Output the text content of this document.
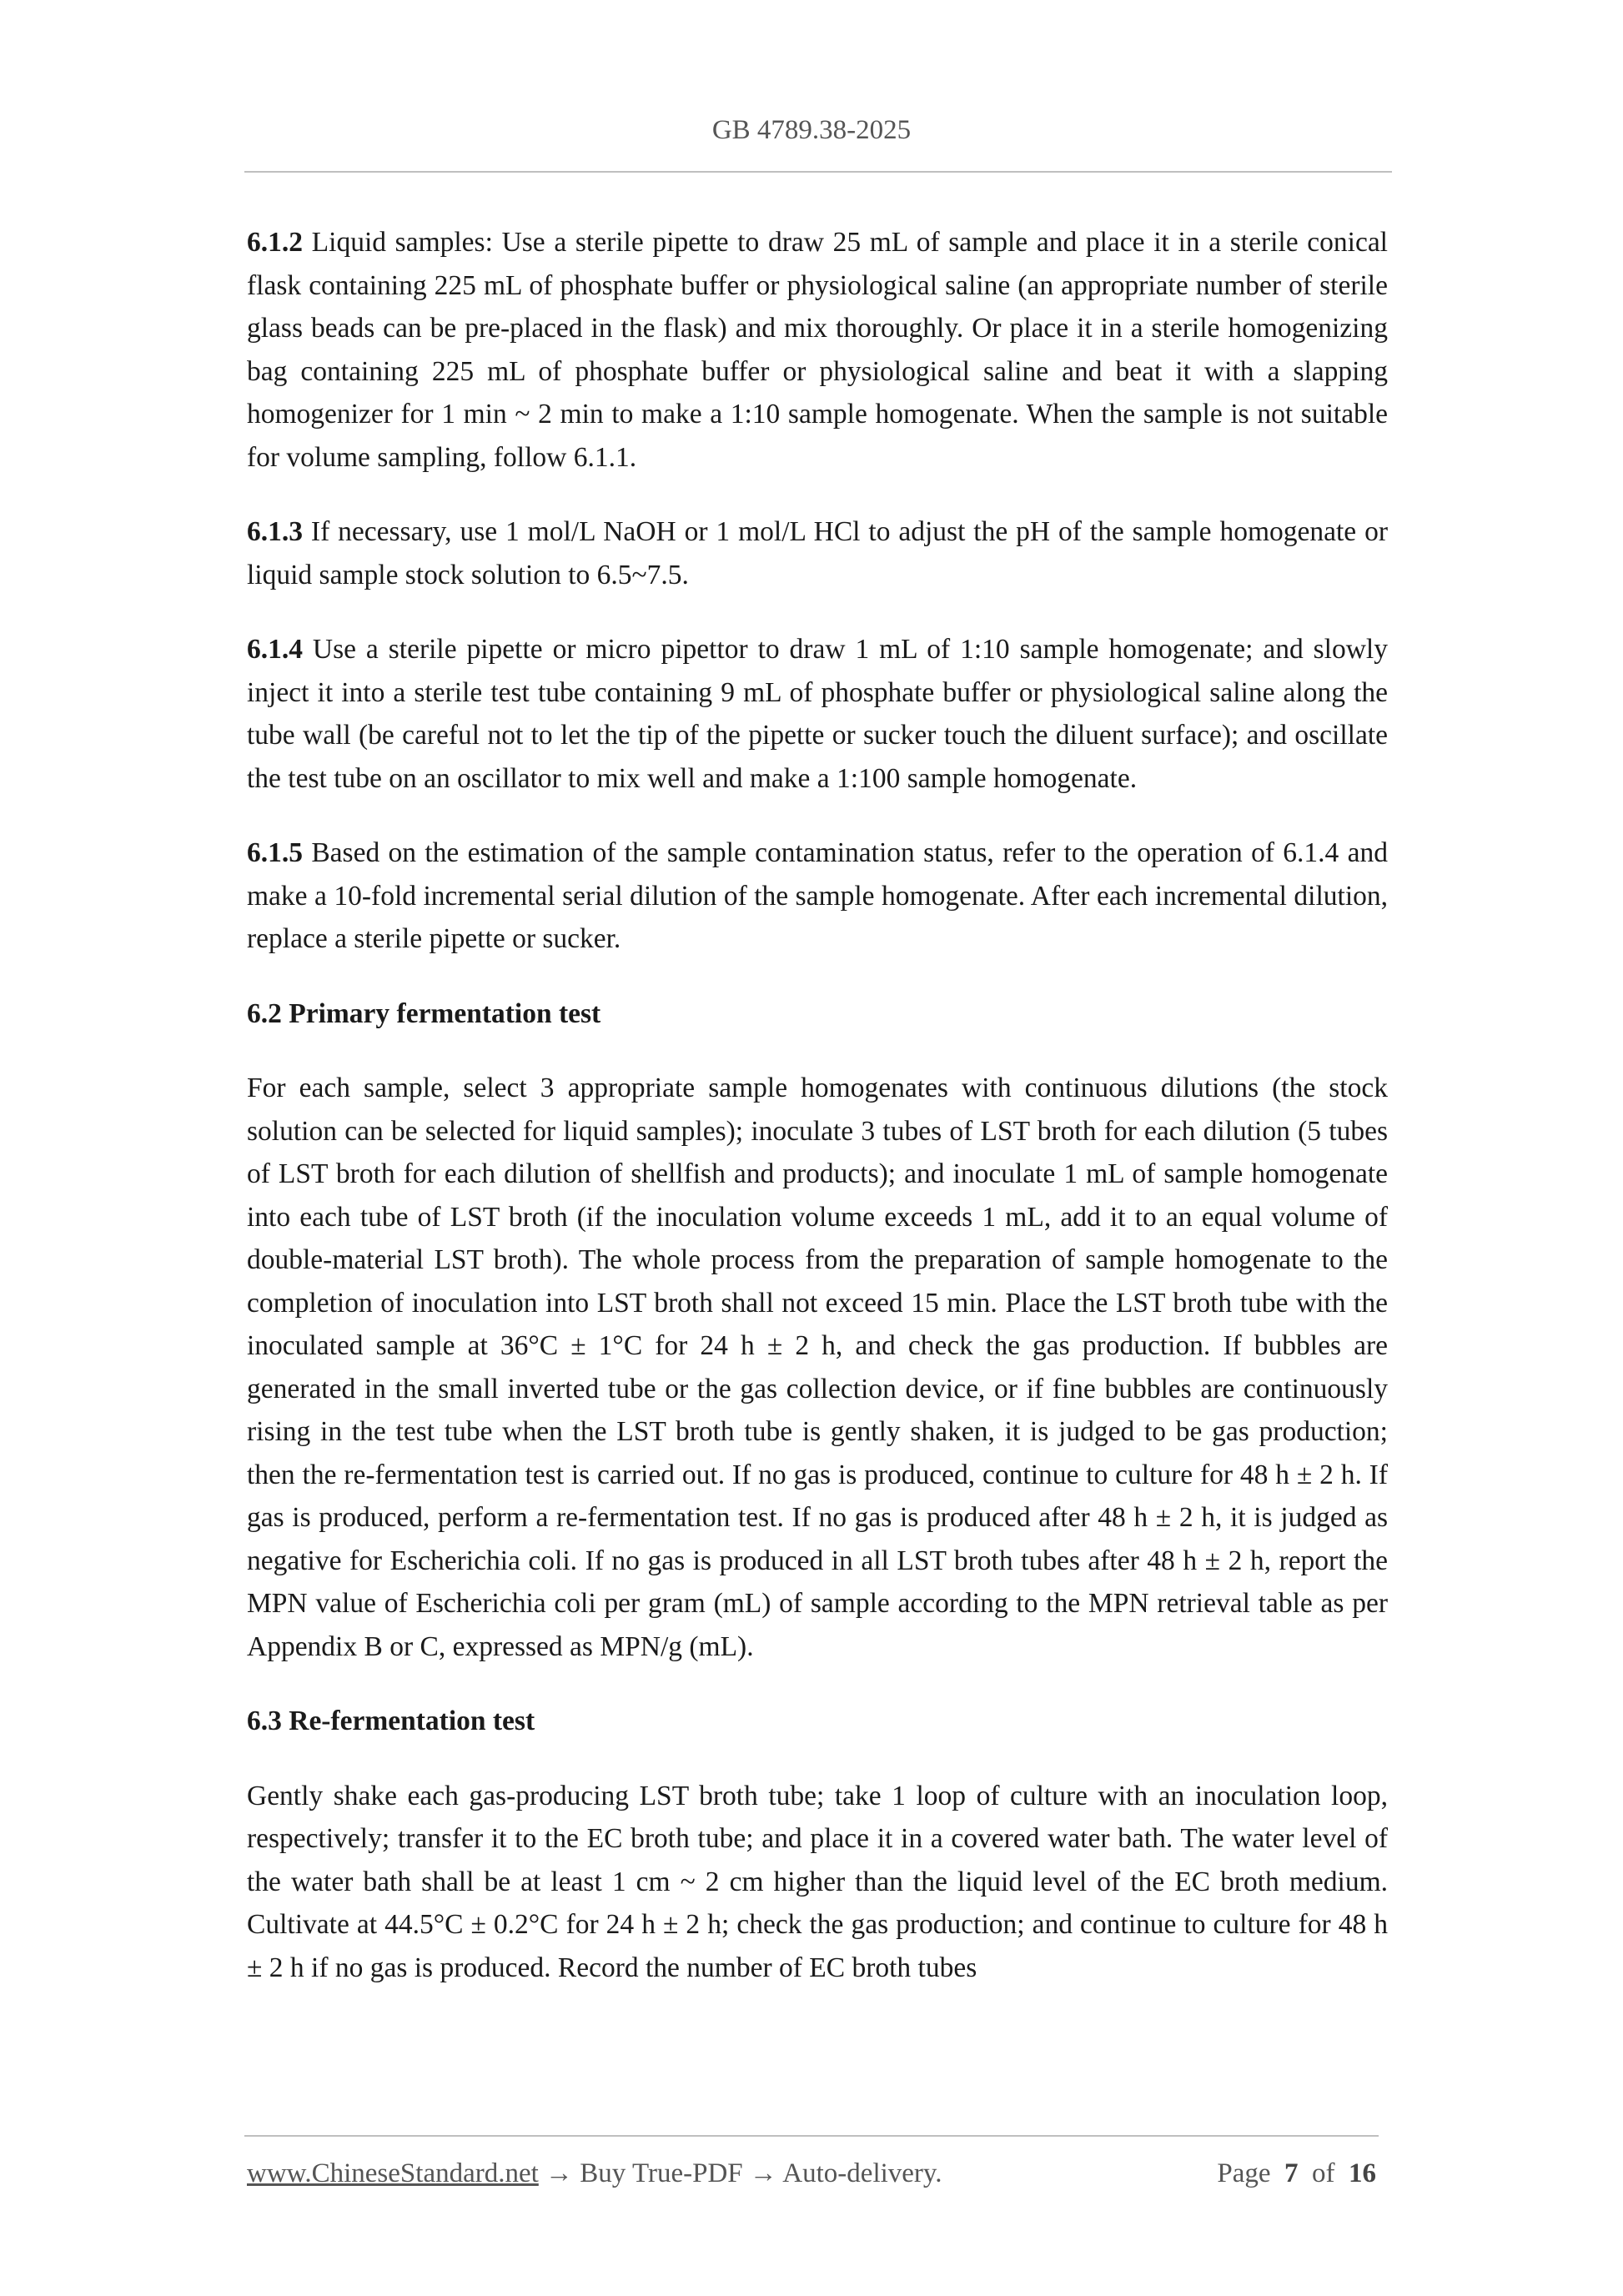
GB 4789.38-2025

6.1.2 Liquid samples: Use a sterile pipette to draw 25 mL of sample and place it in a sterile conical flask containing 225 mL of phosphate buffer or physiological saline (an appropriate number of sterile glass beads can be pre-placed in the flask) and mix thoroughly. Or place it in a sterile homogenizing bag containing 225 mL of phosphate buffer or physiological saline and beat it with a slapping homogenizer for 1 min ~ 2 min to make a 1:10 sample homogenate. When the sample is not suitable for volume sampling, follow 6.1.1.

6.1.3 If necessary, use 1 mol/L NaOH or 1 mol/L HCl to adjust the pH of the sample homogenate or liquid sample stock solution to 6.5~7.5.

6.1.4 Use a sterile pipette or micro pipettor to draw 1 mL of 1:10 sample homogenate; and slowly inject it into a sterile test tube containing 9 mL of phosphate buffer or physiological saline along the tube wall (be careful not to let the tip of the pipette or sucker touch the diluent surface); and oscillate the test tube on an oscillator to mix well and make a 1:100 sample homogenate.

6.1.5 Based on the estimation of the sample contamination status, refer to the operation of 6.1.4 and make a 10-fold incremental serial dilution of the sample homogenate. After each incremental dilution, replace a sterile pipette or sucker.

6.2 Primary fermentation test

For each sample, select 3 appropriate sample homogenates with continuous dilutions (the stock solution can be selected for liquid samples); inoculate 3 tubes of LST broth for each dilution (5 tubes of LST broth for each dilution of shellfish and products); and inoculate 1 mL of sample homogenate into each tube of LST broth (if the inoculation volume exceeds 1 mL, add it to an equal volume of double-material LST broth). The whole process from the preparation of sample homogenate to the completion of inoculation into LST broth shall not exceed 15 min. Place the LST broth tube with the inoculated sample at 36°C ± 1°C for 24 h ± 2 h, and check the gas production. If bubbles are generated in the small inverted tube or the gas collection device, or if fine bubbles are continuously rising in the test tube when the LST broth tube is gently shaken, it is judged to be gas production; then the re-fermentation test is carried out. If no gas is produced, continue to culture for 48 h ± 2 h. If gas is produced, perform a re-fermentation test. If no gas is produced after 48 h ± 2 h, it is judged as negative for Escherichia coli. If no gas is produced in all LST broth tubes after 48 h ± 2 h, report the MPN value of Escherichia coli per gram (mL) of sample according to the MPN retrieval table as per Appendix B or C, expressed as MPN/g (mL).

6.3 Re-fermentation test

Gently shake each gas-producing LST broth tube; take 1 loop of culture with an inoculation loop, respectively; transfer it to the EC broth tube; and place it in a covered water bath. The water level of the water bath shall be at least 1 cm ~ 2 cm higher than the liquid level of the EC broth medium. Cultivate at 44.5°C ± 0.2°C for 24 h ± 2 h; check the gas production; and continue to culture for 48 h ± 2 h if no gas is produced. Record the number of EC broth tubes

www.ChineseStandard.net → Buy True-PDF → Auto-delivery.	Page 7 of 16
